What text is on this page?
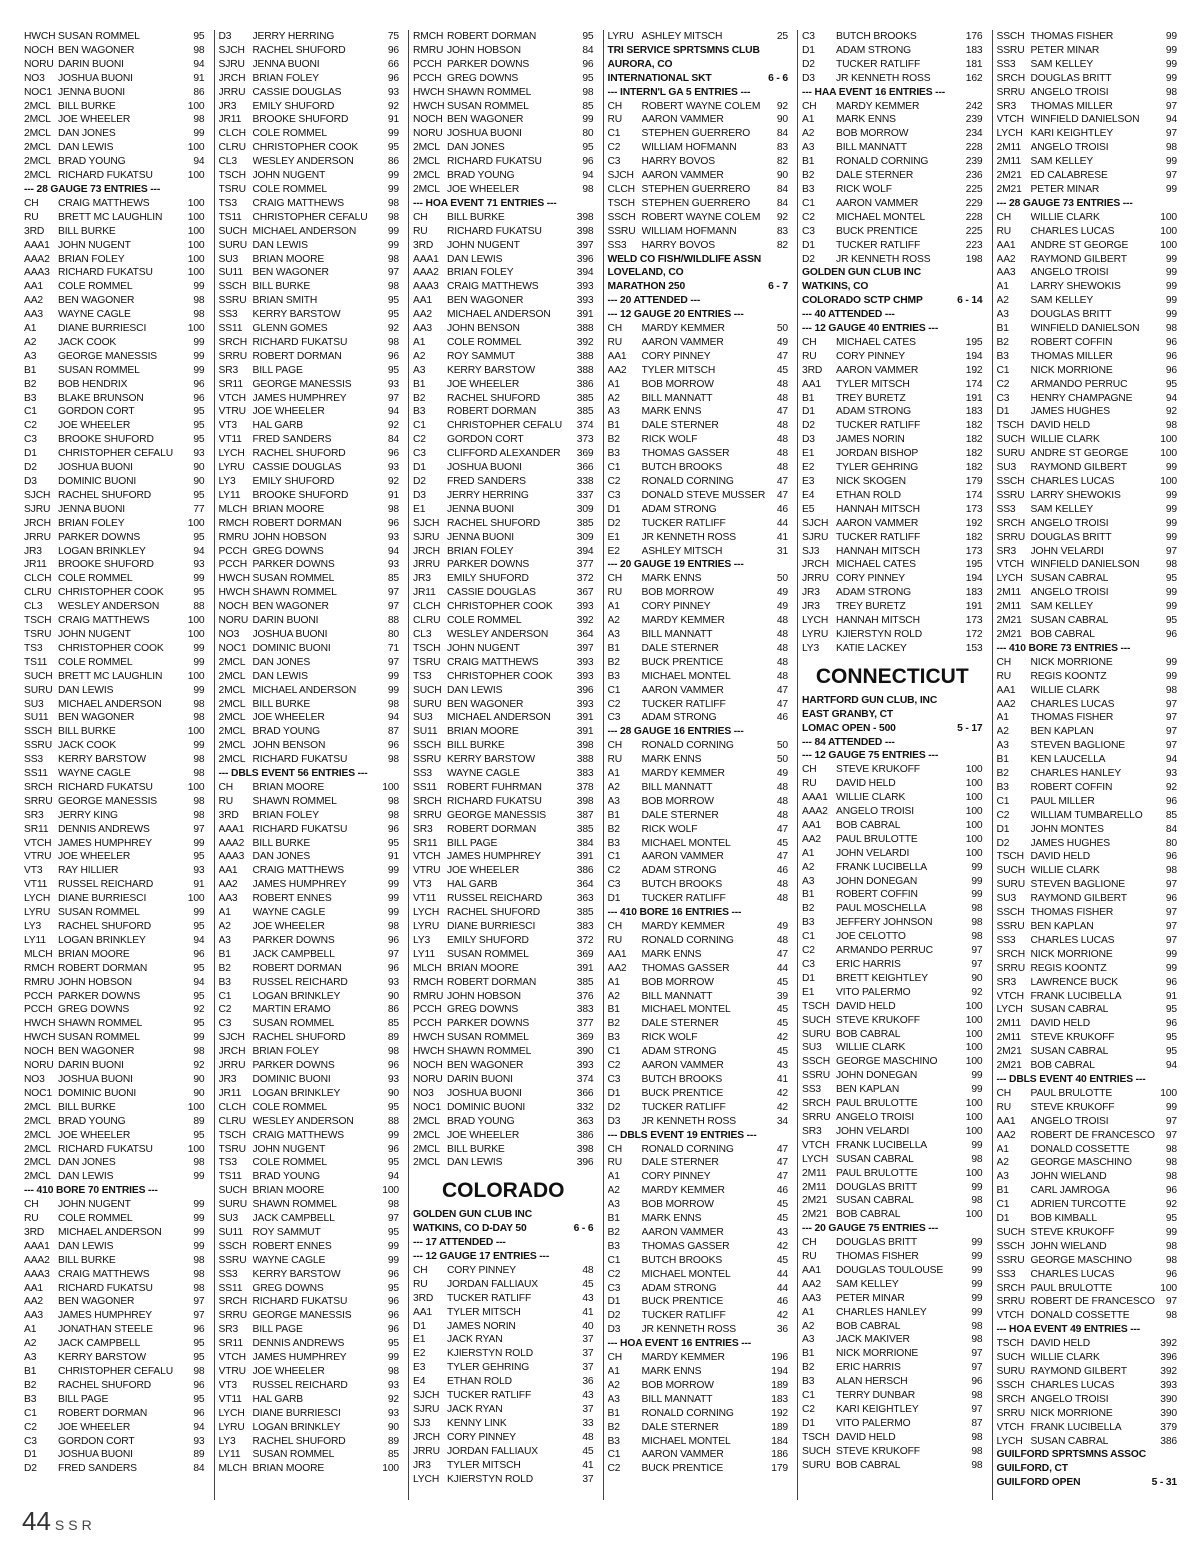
HWCH SUSAN ROMMEL	95
NOCH BEN WAGONER	98
NORU DARIN BUONI	94
NO3	JOSHUA BUONI	91
NOC1 JENNA BUONI	86
2MCL BILL BURKE	100
2MCL JOE WHEELER	98
2MCL DAN JONES	99
2MCL DAN LEWIS	100
2MCL BRAD YOUNG	94
2MCL RICHARD FUKATSU	100
--- 28 GAUGE 73 ENTRIES ---
CH	CRAIG MATTHEWS	100
RU	BRETT MC LAUGHLIN	100
3RD	BILL BURKE	100
AAA1 JOHN NUGENT	100
AAA2 BRIAN FOLEY	100
AAA3 RICHARD FUKATSU	100
AA1	COLE ROMMEL	99
AA2	BEN WAGONER	98
AA3	WAYNE CAGLE	98
A1	DIANE BURRIESCI	100
A2	JACK COOK	99
A3	GEORGE MANESSIS	99
B1	SUSAN ROMMEL	99
B2	BOB HENDRIX	96
B3	BLAKE BRUNSON	96
C1	GORDON CORT	95
C2	JOE WHEELER	95
C3	BROOKE SHUFORD	95
D1	CHRISTOPHER CEFALU	93
D2	JOSHUA BUONI	90
D3	DOMINIC BUONI	90
SJCH RACHEL SHUFORD	95
SJRU JENNA BUONI	77
JRCH BRIAN FOLEY	100
JRRU PARKER DOWNS	95
JR3	LOGAN BRINKLEY	94
JR11	BROOKE SHUFORD	93
CLCH COLE ROMMEL	99
CLRU CHRISTOPHER COOK	95
CL3	WESLEY ANDERSON	88
TSCH CRAIG MATTHEWS	100
TSRU JOHN NUGENT	100
TS3	CHRISTOPHER COOK	99
TS11	COLE ROMMEL	99
SUCH BRETT MC LAUGHLIN	100
SURU DAN LEWIS	99
SU3	MICHAEL ANDERSON	98
SU11 BEN WAGONER	98
SSCH BILL BURKE	100
SSRU JACK COOK	99
SS3	KERRY BARSTOW	98
SS11 WAYNE CAGLE	98
SRCH RICHARD FUKATSU	100
SRRU GEORGE MANESSIS	98
SR3	JERRY KING	98
SR11 DENNIS ANDREWS	97
VTCH JAMES HUMPHREY	99
VTRU JOE WHEELER	95
VT3	RAY HILLIER	93
VT11	RUSSEL REICHARD	91
LYCH DIANE BURRIESCI	100
LYRU SUSAN ROMMEL	99
LY3	RACHEL SHUFORD	95
LY11	LOGAN BRINKLEY	94
MLCH BRIAN MOORE	96
RMCH ROBERT DORMAN	95
RMRU JOHN HOBSON	94
PCCH PARKER DOWNS	95
PCCH GREG DOWNS	92
HWCH SHAWN ROMMEL	95
HWCH SUSAN ROMMEL	99
NOCH BEN WAGONER	98
NORU DARIN BUONI	92
NO3	JOSHUA BUONI	90
NOC1 DOMINIC BUONI	90
2MCL BILL BURKE	100
2MCL BRAD YOUNG	89
2MCL JOE WHEELER	95
2MCL RICHARD FUKATSU	100
2MCL DAN JONES	98
2MCL DAN LEWIS	99
--- 410 BORE 70 ENTRIES ---
CH	JOHN NUGENT	99
RU	COLE ROMMEL	99
3RD	MICHAEL ANDERSON	99
AAA1 DAN LEWIS	99
AAA2 BILL BURKE	98
AAA3 CRAIG MATTHEWS	98
AA1	RICHARD FUKATSU	98
AA2	BEN WAGONER	97
AA3	JAMES HUMPHREY	97
A1	JONATHAN STEELE	96
A2	JACK CAMPBELL	95
A3	KERRY BARSTOW	95
B1	CHRISTOPHER CEFALU	98
B2	RACHEL SHUFORD	96
B3	BILL PAGE	95
C1	ROBERT DORMAN	96
C2	JOE WHEELER	94
C3	GORDON CORT	93
D1	JOSHUA BUONI	89
D2	FRED SANDERS	84
D3	JERRY HERRING	75
SJCH RACHEL SHUFORD	96
SJRU JENNA BUONI	66
JRCH BRIAN FOLEY	96
JRRU CASSIE DOUGLAS	93
JR3	EMILY SHUFORD	92
JR11	BROOKE SHUFORD	91
CLCH COLE ROMMEL	99
CLRU CHRISTOPHER COOK	95
CL3	WESLEY ANDERSON	86
TSCH JOHN NUGENT	99
TSRU COLE ROMMEL	99
TS3	CRAIG MATTHEWS	98
TS11	CHRISTOPHER CEFALU	98
SUCH MICHAEL ANDERSON	99
SURU DAN LEWIS	99
SU3	BRIAN MOORE	98
SU11 BEN WAGONER	97
SSCH BILL BURKE	98
SSRU BRIAN SMITH	95
SS3	KERRY BARSTOW	95
SS11 GLENN GOMES	92
SRCH RICHARD FUKATSU	98
SRRU ROBERT DORMAN	96
SR3	BILL PAGE	95
SR11 GEORGE MANESSIS	93
VTCH JAMES HUMPHREY	97
VTRU JOE WHEELER	94
VT3	HAL GARB	92
VT11	FRED SANDERS	84
LYCH RACHEL SHUFORD	96
LYRU CASSIE DOUGLAS	93
LY3	EMILY SHUFORD	92
LY11	BROOKE SHUFORD	91
MLCH BRIAN MOORE	98
RMCH ROBERT DORMAN	96
RMRU JOHN HOBSON	93
PCCH GREG DOWNS	94
PCCH PARKER DOWNS	93
HWCH SUSAN ROMMEL	85
HWCH SHAWN ROMMEL	97
NOCH BEN WAGONER	97
NORU DARIN BUONI	88
NO3	JOSHUA BUONI	80
NOC1 DOMINIC BUONI	71
2MCL DAN JONES	97
2MCL DAN LEWIS	99
2MCL MICHAEL ANDERSON	99
2MCL BILL BURKE	98
2MCL JOE WHEELER	94
2MCL BRAD YOUNG	87
2MCL JOHN BENSON	96
2MCL RICHARD FUKATSU	98
--- DBLS EVENT 56 ENTRIES ---
CH	BRIAN MOORE	100
RU	SHAWN ROMMEL	98
3RD	BRIAN FOLEY	98
AAA1 RICHARD FUKATSU	96
AAA2 BILL BURKE	95
AAA3 DAN JONES	91
AA1	CRAIG MATTHEWS	99
AA2	JAMES HUMPHREY	99
AA3	ROBERT ENNES	99
A1	WAYNE CAGLE	99
A2	JOE WHEELER	98
A3	PARKER DOWNS	96
B1	JACK CAMPBELL	97
B2	ROBERT DORMAN	96
B3	RUSSEL REICHARD	93
C1	LOGAN BRINKLEY	90
C2	MARTIN ERAMO	86
C3	SUSAN ROMMEL	85
SJCH RACHEL SHUFORD	89
JRCH BRIAN FOLEY	98
JRRU PARKER DOWNS	96
JR3	DOMINIC BUONI	93
JR11	LOGAN BRINKLEY	90
CLCH COLE ROMMEL	95
CLRU WESLEY ANDERSON	88
TSCH CRAIG MATTHEWS	99
TSRU JOHN NUGENT	96
TS3	COLE ROMMEL	95
TS11	BRAD YOUNG	94
SUCH BRIAN MOORE	100
SURU SHAWN ROMMEL	98
SU3	JACK CAMPBELL	97
SU11 ROY SAMMUT	95
SSCH ROBERT ENNES	99
SSRU WAYNE CAGLE	99
SS3	KERRY BARSTOW	96
SS11 GREG DOWNS	95
SRCH RICHARD FUKATSU	96
SRRU GEORGE MANESSIS	96
SR3	BILL PAGE	96
SR11 DENNIS ANDREWS	95
VTCH JAMES HUMPHREY	99
VTRU JOE WHEELER	98
VT3	RUSSEL REICHARD	93
VT11	HAL GARB	92
LYCH DIANE BURRIESCI	93
LYRU LOGAN BRINKLEY	90
LY3	RACHEL SHUFORD	89
LY11	SUSAN ROMMEL	85
MLCH BRIAN MOORE	100
RMCH ROBERT DORMAN	95
RMRU JOHN HOBSON	84
PCCH PARKER DOWNS	96
PCCH GREG DOWNS	95
HWCH SHAWN ROMMEL	98
HWCH SUSAN ROMMEL	85
NOCH BEN WAGONER	99
NORU JOSHUA BUONI	80
2MCL DAN JONES	95
2MCL RICHARD FUKATSU	96
2MCL BRAD YOUNG	94
2MCL JOE WHEELER	98
--- HOA EVENT 71 ENTRIES ---
CH	BILL BURKE	398
RU	RICHARD FUKATSU	398
3RD	JOHN NUGENT	397
AAA1 DAN LEWIS	396
AAA2 BRIAN FOLEY	394
AAA3 CRAIG MATTHEWS	393
AA1	BEN WAGONER	393
AA2	MICHAEL ANDERSON	391
AA3	JOHN BENSON	388
A1	COLE ROMMEL	392
A2	ROY SAMMUT	388
A3	KERRY BARSTOW	388
B1	JOE WHEELER	386
B2	RACHEL SHUFORD	385
B3	ROBERT DORMAN	385
C1	CHRISTOPHER CEFALU	374
C2	GORDON CORT	373
C3	CLIFFORD ALEXANDER	369
D1	JOSHUA BUONI	366
D2	FRED SANDERS	338
D3	JERRY HERRING	337
E1	JENNA BUONI	309
SJCH RACHEL SHUFORD	385
SJRU JENNA BUONI	309
JRCH BRIAN FOLEY	394
JRRU PARKER DOWNS	377
JR3	EMILY SHUFORD	372
JR11	CASSIE DOUGLAS	367
CLCH CHRISTOPHER COOK	393
CLRU COLE ROMMEL	392
CL3	WESLEY ANDERSON	364
TSCH JOHN NUGENT	397
TSRU CRAIG MATTHEWS	393
TS3	CHRISTOPHER COOK	393
SUCH DAN LEWIS	396
SURU BEN WAGONER	393
SU3	MICHAEL ANDERSON	391
SU11 BRIAN MOORE	391
SSCH BILL BURKE	398
SSRU KERRY BARSTOW	388
SS3	WAYNE CAGLE	383
SS11 ROBERT FUHRMAN	378
SRCH RICHARD FUKATSU	398
SRRU GEORGE MANESSIS	387
SR3	ROBERT DORMAN	385
SR11 BILL PAGE	384
VTCH JAMES HUMPHREY	391
VTRU JOE WHEELER	386
VT3	HAL GARB	364
VT11	RUSSEL REICHARD	363
LYCH RACHEL SHUFORD	385
LYRU DIANE BURRIESCI	383
LY3	EMILY SHUFORD	372
LY11	SUSAN ROMMEL	369
MLCH BRIAN MOORE	391
RMCH ROBERT DORMAN	385
RMRU JOHN HOBSON	376
PCCH GREG DOWNS	383
PCCH PARKER DOWNS	377
HWCH SUSAN ROMMEL	369
HWCH SHAWN ROMMEL	390
NOCH BEN WAGONER	393
NORU DARIN BUONI	374
NO3	JOSHUA BUONI	366
NOC1 DOMINIC BUONI	332
2MCL BRAD YOUNG	363
2MCL JOE WHEELER	386
2MCL BILL BURKE	398
2MCL DAN LEWIS	396
COLORADO
GOLDEN GUN CLUB INC
WATKINS, CO D-DAY 50	6 - 6
--- 17 ATTENDED ---
--- 12 GAUGE 17 ENTRIES ---
CH	CORY PINNEY	48
RU	JORDAN FALLIAUX	45
3RD	TUCKER RATLIFF	43
AA1	TYLER MITSCH	41
D1	JAMES NORIN	40
E1	JACK RYAN	37
E2	KJIERSTYN ROLD	37
E3	TYLER GEHRING	37
E4	ETHAN ROLD	36
SJCH TUCKER RATLIFF	43
SJRU JACK RYAN	37
SJ3	KENNY LINK	33
JRCH CORY PINNEY	48
JRRU JORDAN FALLIAUX	45
JR3	TYLER MITSCH	41
LYCH KJIERSTYN ROLD	37
LYRU ASHLEY MITSCH	25
TRI SERVICE SPRTSMNS CLUB
AURORA, CO
INTERNATIONAL SKT	6 - 6
--- INTERN'L GA 5 ENTRIES ---
CH	ROBERT WAYNE COLEM	92
RU	AARON VAMMER	90
C1	STEPHEN GUERRERO	84
C2	WILLIAM HOFMANN	83
C3	HARRY BOVOS	82
SJCH AARON VAMMER	90
CLCH STEPHEN GUERRERO	84
TSCH STEPHEN GUERRERO	84
SSCH ROBERT WAYNE COLEM	92
SSRU WILLIAM HOFMANN	83
SS3	HARRY BOVOS	82
WELD CO FISH/WILDLIFE ASSN
LOVELAND, CO
MARATHON 250	6 - 7
--- 20 ATTENDED ---
--- 12 GAUGE 20 ENTRIES ---
CH	MARDY KEMMER	50
RU	AARON VAMMER	49
AA1	CORY PINNEY	47
AA2	TYLER MITSCH	45
A1	BOB MORROW	48
A2	BILL MANNATT	48
A3	MARK ENNS	47
B1	DALE STERNER	48
B2	RICK WOLF	48
B3	THOMAS GASSER	48
C1	BUTCH BROOKS	48
C2	RONALD CORNING	47
C3	DONALD STEVE MUSSER	47
D1	ADAM STRONG	46
D2	TUCKER RATLIFF	44
E1	JR KENNETH ROSS	41
E2	ASHLEY MITSCH	31
--- 20 GAUGE 19 ENTRIES ---
CH	MARK ENNS	50
RU	BOB MORROW	49
A1	CORY PINNEY	49
A2	MARDY KEMMER	48
A3	BILL MANNATT	48
B1	DALE STERNER	48
B2	BUCK PRENTICE	48
B3	MICHAEL MONTEL	48
C1	AARON VAMMER	47
C2	TUCKER RATLIFF	47
C3	ADAM STRONG	46
--- 28 GAUGE 16 ENTRIES ---
CH	RONALD CORNING	50
RU	MARK ENNS	50
A1	MARDY KEMMER	49
A2	BILL MANNATT	48
A3	BOB MORROW	48
B1	DALE STERNER	48
B2	RICK WOLF	47
B3	MICHAEL MONTEL	45
C1	AARON VAMMER	47
C2	ADAM STRONG	46
C3	BUTCH BROOKS	48
D1	TUCKER RATLIFF	48
--- 410 BORE 16 ENTRIES ---
CH	MARDY KEMMER	49
RU	RONALD CORNING	48
AA1	MARK ENNS	47
AA2	THOMAS GASSER	44
A1	BOB MORROW	45
A2	BILL MANNATT	39
B1	MICHAEL MONTEL	45
B2	DALE STERNER	45
B3	RICK WOLF	42
C1	ADAM STRONG	45
C2	AARON VAMMER	43
C3	BUTCH BROOKS	41
D1	BUCK PRENTICE	42
D2	TUCKER RATLIFF	42
D3	JR KENNETH ROSS	34
--- DBLS EVENT 19 ENTRIES ---
CH	RONALD CORNING	47
RU	DALE STERNER	47
A1	CORY PINNEY	47
A2	MARDY KEMMER	46
A3	BOB MORROW	45
B1	MARK ENNS	45
B2	AARON VAMMER	43
B3	THOMAS GASSER	42
C1	BUTCH BROOKS	45
C2	MICHAEL MONTEL	44
C3	ADAM STRONG	44
D1	BUCK PRENTICE	46
D2	TUCKER RATLIFF	42
D3	JR KENNETH ROSS	36
--- HOA EVENT 16 ENTRIES ---
CH	MARDY KEMMER	196
A1	MARK ENNS	194
A2	BOB MORROW	189
A3	BILL MANNATT	183
B1	RONALD CORNING	192
B2	DALE STERNER	189
B3	MICHAEL MONTEL	184
C1	AARON VAMMER	186
C2	BUCK PRENTICE	179
C3	BUTCH BROOKS	176
D1	ADAM STRONG	183
D2	TUCKER RATLIFF	181
D3	JR KENNETH ROSS	162
--- HAA EVENT 16 ENTRIES ---
CH	MARDY KEMMER	242
A1	MARK ENNS	239
A2	BOB MORROW	234
A3	BILL MANNATT	228
B1	RONALD CORNING	239
B2	DALE STERNER	236
B3	RICK WOLF	225
C1	AARON VAMMER	229
C2	MICHAEL MONTEL	228
C3	BUCK PRENTICE	225
D1	TUCKER RATLIFF	223
D2	JR KENNETH ROSS	198
GOLDEN GUN CLUB INC
WATKINS, CO
COLORADO SCTP CHMP	6 - 14
--- 40 ATTENDED ---
--- 12 GAUGE 40 ENTRIES ---
CH	MICHAEL CATES	195
RU	CORY PINNEY	194
3RD	AARON VAMMER	192
AA1	TYLER MITSCH	174
B1	TREY BURETZ	191
D1	ADAM STRONG	183
D2	TUCKER RATLIFF	182
D3	JAMES NORIN	182
E1	JORDAN BISHOP	182
E2	TYLER GEHRING	182
E3	NICK SKOGEN	179
E4	ETHAN ROLD	174
E5	HANNAH MITSCH	173
SJCH AARON VAMMER	192
SJRU TUCKER RATLIFF	182
SJ3	HANNAH MITSCH	173
JRCH MICHAEL CATES	195
JRRU CORY PINNEY	194
JR3	ADAM STRONG	183
JR3	TREY BURETZ	191
LYCH HANNAH MITSCH	173
LYRU KJIERSTYN ROLD	172
LY3	KATIE LACKEY	153
CONNECTICUT
HARTFORD GUN CLUB, INC
EAST GRANBY, CT
LOMAC OPEN - 500	5 - 17
--- 84 ATTENDED ---
--- 12 GAUGE 75 ENTRIES ---
CH	STEVE KRUKOFF	100
RU	DAVID HELD	100
AAA1 WILLIE CLARK	100
AAA2 ANGELO TROISI	100
AA1	BOB CABRAL	100
AA2	PAUL BRULOTTE	100
A1	JOHN VELARDI	100
A2	FRANK LUCIBELLA	99
A3	JOHN DONEGAN	99
B1	ROBERT COFFIN	99
B2	PAUL MOSCHELLA	98
B3	JEFFERY JOHNSON	98
C1	JOE CELOTTO	98
C2	ARMANDO PERRUC	97
C3	ERIC HARRIS	97
D1	BRETT KEIGHTLEY	90
E1	VITO PALERMO	92
TSCH DAVID HELD	100
SUCH STEVE KRUKOFF	100
SURU BOB CABRAL	100
SU3	WILLIE CLARK	100
SSCH GEORGE MASCHINO	100
SSRU JOHN DONEGAN	99
SS3	BEN KAPLAN	99
SRCH PAUL BRULOTTE	100
SRRU ANGELO TROISI	100
SR3	JOHN VELARDI	100
VTCH FRANK LUCIBELLA	99
LYCH SUSAN CABRAL	98
2M11 PAUL BRULOTTE	100
2M11 DOUGLAS BRITT	99
2M21 SUSAN CABRAL	98
2M21 BOB CABRAL	100
--- 20 GAUGE 75 ENTRIES ---
CH	DOUGLAS BRITT	99
RU	THOMAS FISHER	99
AA1	DOUGLAS TOULOUSE	99
AA2	SAM KELLEY	99
AA3	PETER MINAR	99
A1	CHARLES HANLEY	99
A2	BOB CABRAL	98
A3	JACK MAKIVER	98
B1	NICK MORRIONE	97
B2	ERIC HARRIS	97
B3	ALAN HERSCH	96
C1	TERRY DUNBAR	98
C2	KARI KEIGHTLEY	97
D1	VITO PALERMO	87
TSCH DAVID HELD	98
SUCH STEVE KRUKOFF	98
SURU BOB CABRAL	98
SSCH THOMAS FISHER	99
SSRU PETER MINAR	99
SS3	SAM KELLEY	99
SRCH DOUGLAS BRITT	99
SRRU ANGELO TROISI	98
SR3	THOMAS MILLER	97
VTCH WINFIELD DANIELSON	94
LYCH KARI KEIGHTLEY	97
2M11 ANGELO TROISI	98
2M11 SAM KELLEY	99
2M21 ED CALABRESE	97
2M21 PETER MINAR	99
--- 28 GAUGE 73 ENTRIES ---
CH	WILLIE CLARK	100
RU	CHARLES LUCAS	100
AA1	ANDRE ST GEORGE	100
AA2	RAYMOND GILBERT	99
AA3	ANGELO TROISI	99
A1	LARRY SHEWOKIS	99
A2	SAM KELLEY	99
A3	DOUGLAS BRITT	99
B1	WINFIELD DANIELSON	98
B2	ROBERT COFFIN	96
B3	THOMAS MILLER	96
C1	NICK MORRIONE	96
C2	ARMANDO PERRUC	95
C3	HENRY CHAMPAGNE	94
D1	JAMES HUGHES	92
TSCH DAVID HELD	98
SUCH WILLIE CLARK	100
SURU ANDRE ST GEORGE	100
SU3	RAYMOND GILBERT	99
SSCH CHARLES LUCAS	100
SSRU LARRY SHEWOKIS	99
SS3	SAM KELLEY	99
SRCH ANGELO TROISI	99
SRRU DOUGLAS BRITT	99
SR3	JOHN VELARDI	97
VTCH WINFIELD DANIELSON	98
LYCH SUSAN CABRAL	95
2M11 ANGELO TROISI	99
2M11 SAM KELLEY	99
2M21 SUSAN CABRAL	95
2M21 BOB CABRAL	96
--- 410 BORE 73 ENTRIES ---
CH	NICK MORRIONE	99
RU	REGIS KOONTZ	99
AA1	WILLIE CLARK	98
AA2	CHARLES LUCAS	97
A1	THOMAS FISHER	97
A2	BEN KAPLAN	97
A3	STEVEN BAGLIONE	97
B1	KEN LAUCELLA	94
B2	CHARLES HANLEY	93
B3	ROBERT COFFIN	92
C1	PAUL MILLER	96
C2	WILLIAM TUMBARELLO	85
D1	JOHN MONTES	84
D2	JAMES HUGHES	80
TSCH DAVID HELD	96
SUCH WILLIE CLARK	98
SURU STEVEN BAGLIONE	97
SU3	RAYMOND GILBERT	96
SSCH THOMAS FISHER	97
SSRU BEN KAPLAN	97
SS3	CHARLES LUCAS	97
SRCH NICK MORRIONE	99
SRRU REGIS KOONTZ	99
SR3	LAWRENCE BUCK	96
VTCH FRANK LUCIBELLA	91
LYCH SUSAN CABRAL	95
2M11 DAVID HELD	96
2M11 STEVE KRUKOFF	95
2M21 SUSAN CABRAL	95
2M21 BOB CABRAL	94
--- DBLS EVENT 40 ENTRIES ---
CH	PAUL BRULOTTE	100
RU	STEVE KRUKOFF	99
AA1	ANGELO TROISI	97
AA2	ROBERT DE FRANCESCO	97
A1	DONALD COSSETTE	98
A2	GEORGE MASCHINO	98
A3	JOHN WIELAND	98
B1	CARL JAMROGA	96
C1	ADRIEN TURCOTTE	92
D1	BOB KIMBALL	95
SUCH STEVE KRUKOFF	99
SSCH JOHN WIELAND	98
SSRU GEORGE MASCHINO	98
SS3	CHARLES LUCAS	96
SRCH PAUL BRULOTTE	100
SRRU ROBERT DE FRANCESCO	97
VTCH DONALD COSSETTE	98
--- HOA EVENT 49 ENTRIES ---
TSCH DAVID HELD	392
SUCH WILLIE CLARK	396
SURU RAYMOND GILBERT	392
SSCH CHARLES LUCAS	393
SRCH ANGELO TROISI	390
SRRU NICK MORRIONE	390
VTCH FRANK LUCIBELLA	379
LYCH SUSAN CABRAL	386
GUILFORD SPRTSMNS ASSOC
GUILFORD, CT
GUILFORD OPEN	5 - 31
44 SSR
